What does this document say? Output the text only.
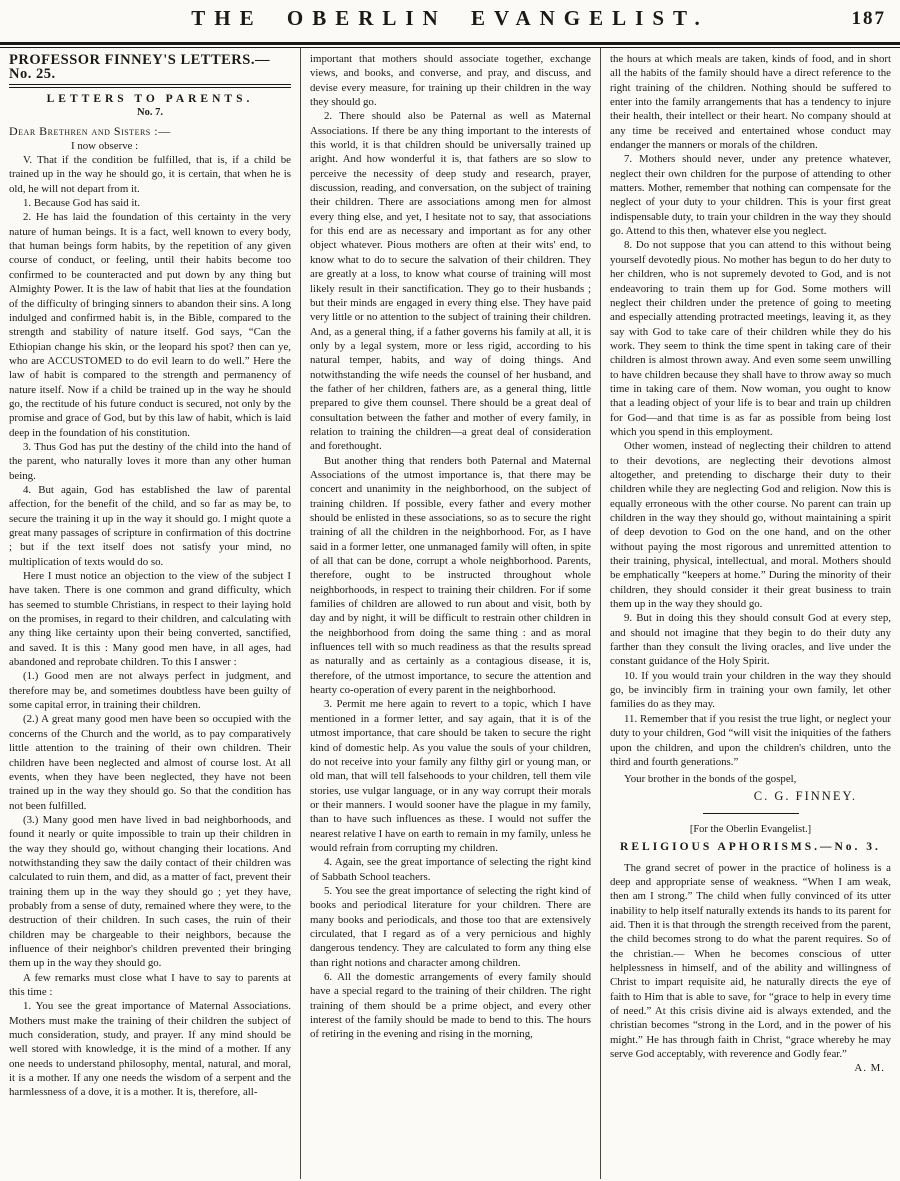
THE OBERLIN EVANGELIST.	187

PROFESSOR FINNEY'S LETTERS.—No. 25.

LETTERS TO PARENTS.

No. 7.

Dear Brethren and Sisters :—

I now observe :

V. That if the condition be fulfilled, that is, if a child be trained up in the way he should go, it is certain, that when he is old, he will not depart from it.

1. Because God has said it.

2. He has laid the foundation of this certainty in the very nature of human beings. It is a fact, well known to every body, that human beings form habits, by the repetition of any given course of conduct, or feeling, until their habits become too confirmed to be counteracted and put down by any thing but Almighty Power. It is the law of habit that lies at the foundation of the difficulty of bringing sinners to abandon their sins. A long indulged and confirmed habit is, in the Bible, compared to the strength and stability of nature itself. God says, “Can the Ethiopian change his skin, or the leopard his spot? then can ye, who are ACCUSTOMED to do evil learn to do well.” Here the law of habit is compared to the strength and permanency of nature itself. Now if a child be trained up in the way he should go, the rectitude of his future conduct is secured, not only by the promise and grace of God, but by this law of habit, which is laid deep in the foundation of his constitution.

3. Thus God has put the destiny of the child into the hand of the parent, who naturally loves it more than any other human being.

4. But again, God has established the law of parental affection, for the benefit of the child, and so far as may be, to secure the training it up in the way it should go. I might quote a great many passages of scripture in confirmation of this doctrine ; but if the text itself does not satisfy your mind, no multiplication of texts would do so.

Here I must notice an objection to the view of the subject I have taken. There is one common and grand difficulty, which has seemed to stumble Christians, in respect to their laying hold on the promises, in regard to their children, and calculating with any thing like certainty upon their being converted, sanctified, and saved. It is this : Many good men have, in all ages, had abandoned and reprobate children. To this I answer :

(1.) Good men are not always perfect in judgment, and therefore may be, and sometimes doubtless have been guilty of some capital error, in training their children.

(2.) A great many good men have been so occupied with the concerns of the Church and the world, as to pay comparatively little attention to the training of their own children. Their children have been neglected and almost of course lost. At all events, when they have been neglected, they have not been trained up in the way they should go. So that the condition has not been fulfilled.

(3.) Many good men have lived in bad neighborhoods, and found it nearly or quite impossible to train up their children in the way they should go, without changing their locations. And notwithstanding they saw the daily contact of their children was calculated to ruin them, and did, as a matter of fact, prevent their training them up in the way they should go ; yet they have, probably from a sense of duty, remained where they were, to the destruction of their children. In such cases, the ruin of their children may be chargeable to their neighbors, because the influence of their neighbor's children prevented their bringing them up in the way they should go.

A few remarks must close what I have to say to parents at this time :

1. You see the great importance of Maternal Associations. Mothers must make the training of their children the subject of much consideration, study, and prayer. If any mind should be well stored with knowledge, it is the mind of a mother. If any one needs to understand philosophy, mental, natural, and moral, it is a mother. If any one needs the wisdom of a serpent and the harmlessness of a dove, it is a mother. It is, therefore, all-

important that mothers should associate together, exchange views, and books, and converse, and pray, and discuss, and devise every measure, for training up their children in the way they should go.

2. There should also be Paternal as well as Maternal Associations. If there be any thing important to the interests of this world, it is that children should be universally trained up aright. And how wonderful it is, that fathers are so slow to perceive the necessity of deep study and research, prayer, discussion, reading, and conversation, on the subject of training their children. There are associations among men for almost every thing else, and yet, I hesitate not to say, that associations for this end are as necessary and important as for any other object whatever. Pious mothers are often at their wits' end, to know what to do to secure the salvation of their children. They are greatly at a loss, to know what course of training will most likely result in their sanctification. They go to their husbands ; but their minds are engaged in every thing else. They have paid very little or no attention to the subject of training their children. And, as a general thing, if a father governs his family at all, it is only by a legal system, more or less rigid, according to his natural temper, habits, and way of doing things. And notwithstanding the wife needs the counsel of her husband, and the father of her children, fathers are, as a general thing, little prepared to give them counsel. There should be a great deal of consultation between the father and mother of every family, in relation to training the children—a great deal of consideration and forethought.

But another thing that renders both Paternal and Maternal Associations of the utmost importance is, that there may be concert and unanimity in the neighborhood, on the subject of training children. If possible, every father and every mother should be enlisted in these associations, so as to secure the right training of all the children in the neighborhood. For, as I have said in a former letter, one unmanaged family will often, in spite of all that can be done, corrupt a whole neighborhood. Parents, therefore, ought to be instructed throughout whole neighborhoods, in respect to training their children. For if some families of children are allowed to run about and visit, both by day and by night, it will be difficult to restrain other children in the neighborhood from doing the same thing : and as moral influences tell with so much readiness as that the results spread as naturally and as certainly as a contagious disease, it is, therefore, of the utmost importance, to secure the attention and hearty co-operation of every parent in the neighborhood.

3. Permit me here again to revert to a topic, which I have mentioned in a former letter, and say again, that it is of the utmost importance, that care should be taken to secure the right kind of domestic help. As you value the souls of your children, do not receive into your family any filthy girl or young man, or old man, that will tell falsehoods to your children, tell them vile stories, use vulgar language, or in any way corrupt their morals or their manners. I would sooner have the plague in my family, than to have such influences as these. I would not suffer the nearest relative I have on earth to remain in my family, unless he would refrain from corrupting my children.

4. Again, see the great importance of selecting the right kind of Sabbath School teachers.

5. You see the great importance of selecting the right kind of books and periodical literature for your children. There are many books and periodicals, and those too that are extensively circulated, that I regard as of a very pernicious and highly dangerous tendency. They are calculated to form any thing else than right notions and character among children.

6. All the domestic arrangements of every family should have a special regard to the training of their children. The right training of them should be a prime object, and every other interest of the family should be made to bend to this. The hours of retiring in the evening and rising in the morning,

the hours at which meals are taken, kinds of food, and in short all the habits of the family should have a direct reference to the right training of the children. Nothing should be suffered to enter into the family arrangements that has a tendency to injure their health, their intellect or their heart. No company should at any time be received and entertained whose conduct may endanger the manners or morals of the children.

7. Mothers should never, under any pretence whatever, neglect their own children for the purpose of attending to other matters. Mother, remember that nothing can compensate for the neglect of your duty to your children. This is your first great indispensable duty, to train your children in the way they should go. Attend to this then, whatever else you neglect.

8. Do not suppose that you can attend to this without being yourself devotedly pious. No mother has begun to do her duty to her children, who is not supremely devoted to God, and is not endeavoring to train them up for God. Some mothers will neglect their children under the pretence of going to meeting and especially attending protracted meetings, leaving it, as they say with God to take care of their children while they do his work. They seem to think the time spent in taking care of their children is almost thrown away. And even some seem unwilling to have children because they shall have to throw away so much time in taking care of them. Now woman, you ought to know that a leading object of your life is to bear and train up children for God—and that time is as far as possible from being lost which you spend in this employment.

Other women, instead of neglecting their children to attend to their devotions, are neglecting their devotions almost altogether, and pretending to discharge their duty to their children while they are neglecting God and religion. Now this is equally erroneous with the other course. No parent can train up children in the way they should go, without maintaining a spirit of deep devotion to God on the one hand, and on the other without paying the most rigorous and unremitted attention to their training, physical, intellectual, and moral. Mothers should be emphatically “keepers at home.” During the minority of their children, they should consider it their great business to train them up in the way they should go.

9. But in doing this they should consult God at every step, and should not imagine that they begin to do their duty any farther than they consult the living oracles, and live under the constant guidance of the Holy Spirit.

10. If you would train your children in the way they should go, be invincibly firm in training your own family, let other families do as they may.

11. Remember that if you resist the true light, or neglect your duty to your children, God “will visit the iniquities of the fathers upon the children, and upon the children's children, unto the third and fourth generations.”

Your brother in the bonds of the gospel,

C. G. FINNEY.

[For the Oberlin Evangelist.]

RELIGIOUS APHORISMS.—No. 3.

The grand secret of power in the practice of holiness is a deep and appropriate sense of weakness. “When I am weak, then am I strong.” The child when fully convinced of its utter inability to help itself naturally extends its hands to its parent for aid. Then it is that through the strength received from the parent, the child becomes strong to do what the parent requires. So of the christian.— When he becomes conscious of utter helplessness in himself, and of the ability and willingness of Christ to impart requisite aid, he naturally directs the eye of faith to Him that is able to save, for “grace to help in every time of need.” At this crisis divine aid is always extended, and the christian becomes “strong in the Lord, and in the power of his might.” He has through faith in Christ, “grace whereby he may serve God acceptably, with reverence and Godly fear.”
A. M.
